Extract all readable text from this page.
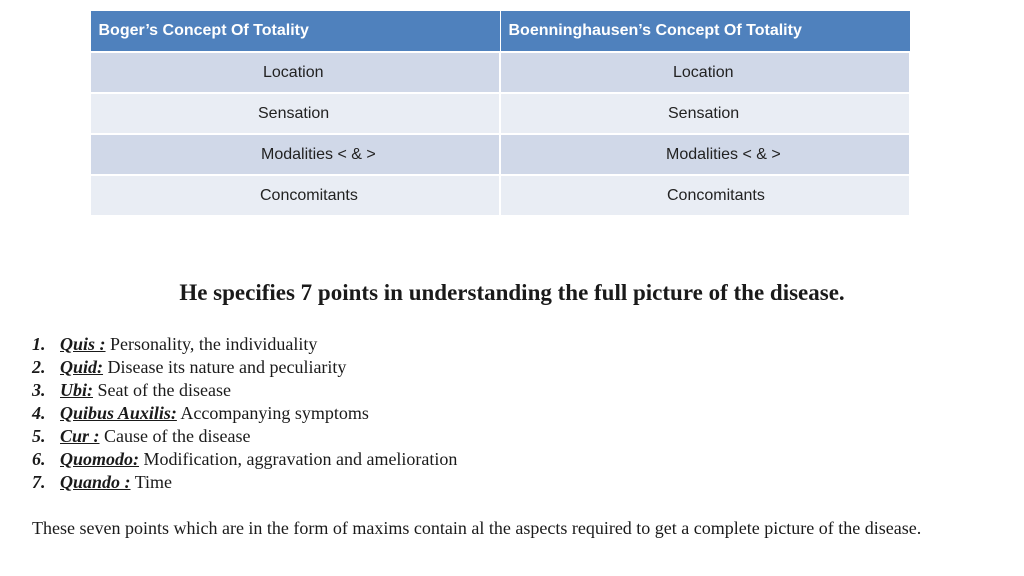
Boger’s Concept Of Totality	Boenninghausen’s Concept Of Totality

Location	Location

Sensation	Sensation

Modalities < & >	Modalities < & >

Concomitants	Concomitants
He specifies 7 points in understanding the full picture of the disease.
1. Quis : Personality, the individuality
2. Quid: Disease its nature and peculiarity
3. Ubi: Seat of the disease
4. Quibus Auxilis: Accompanying symptoms
5. Cur : Cause of the disease
6. Quomodo: Modification, aggravation and amelioration
7. Quando : Time

These seven points which are in the form of maxims contain al the aspects required to get a complete picture of the disease.
